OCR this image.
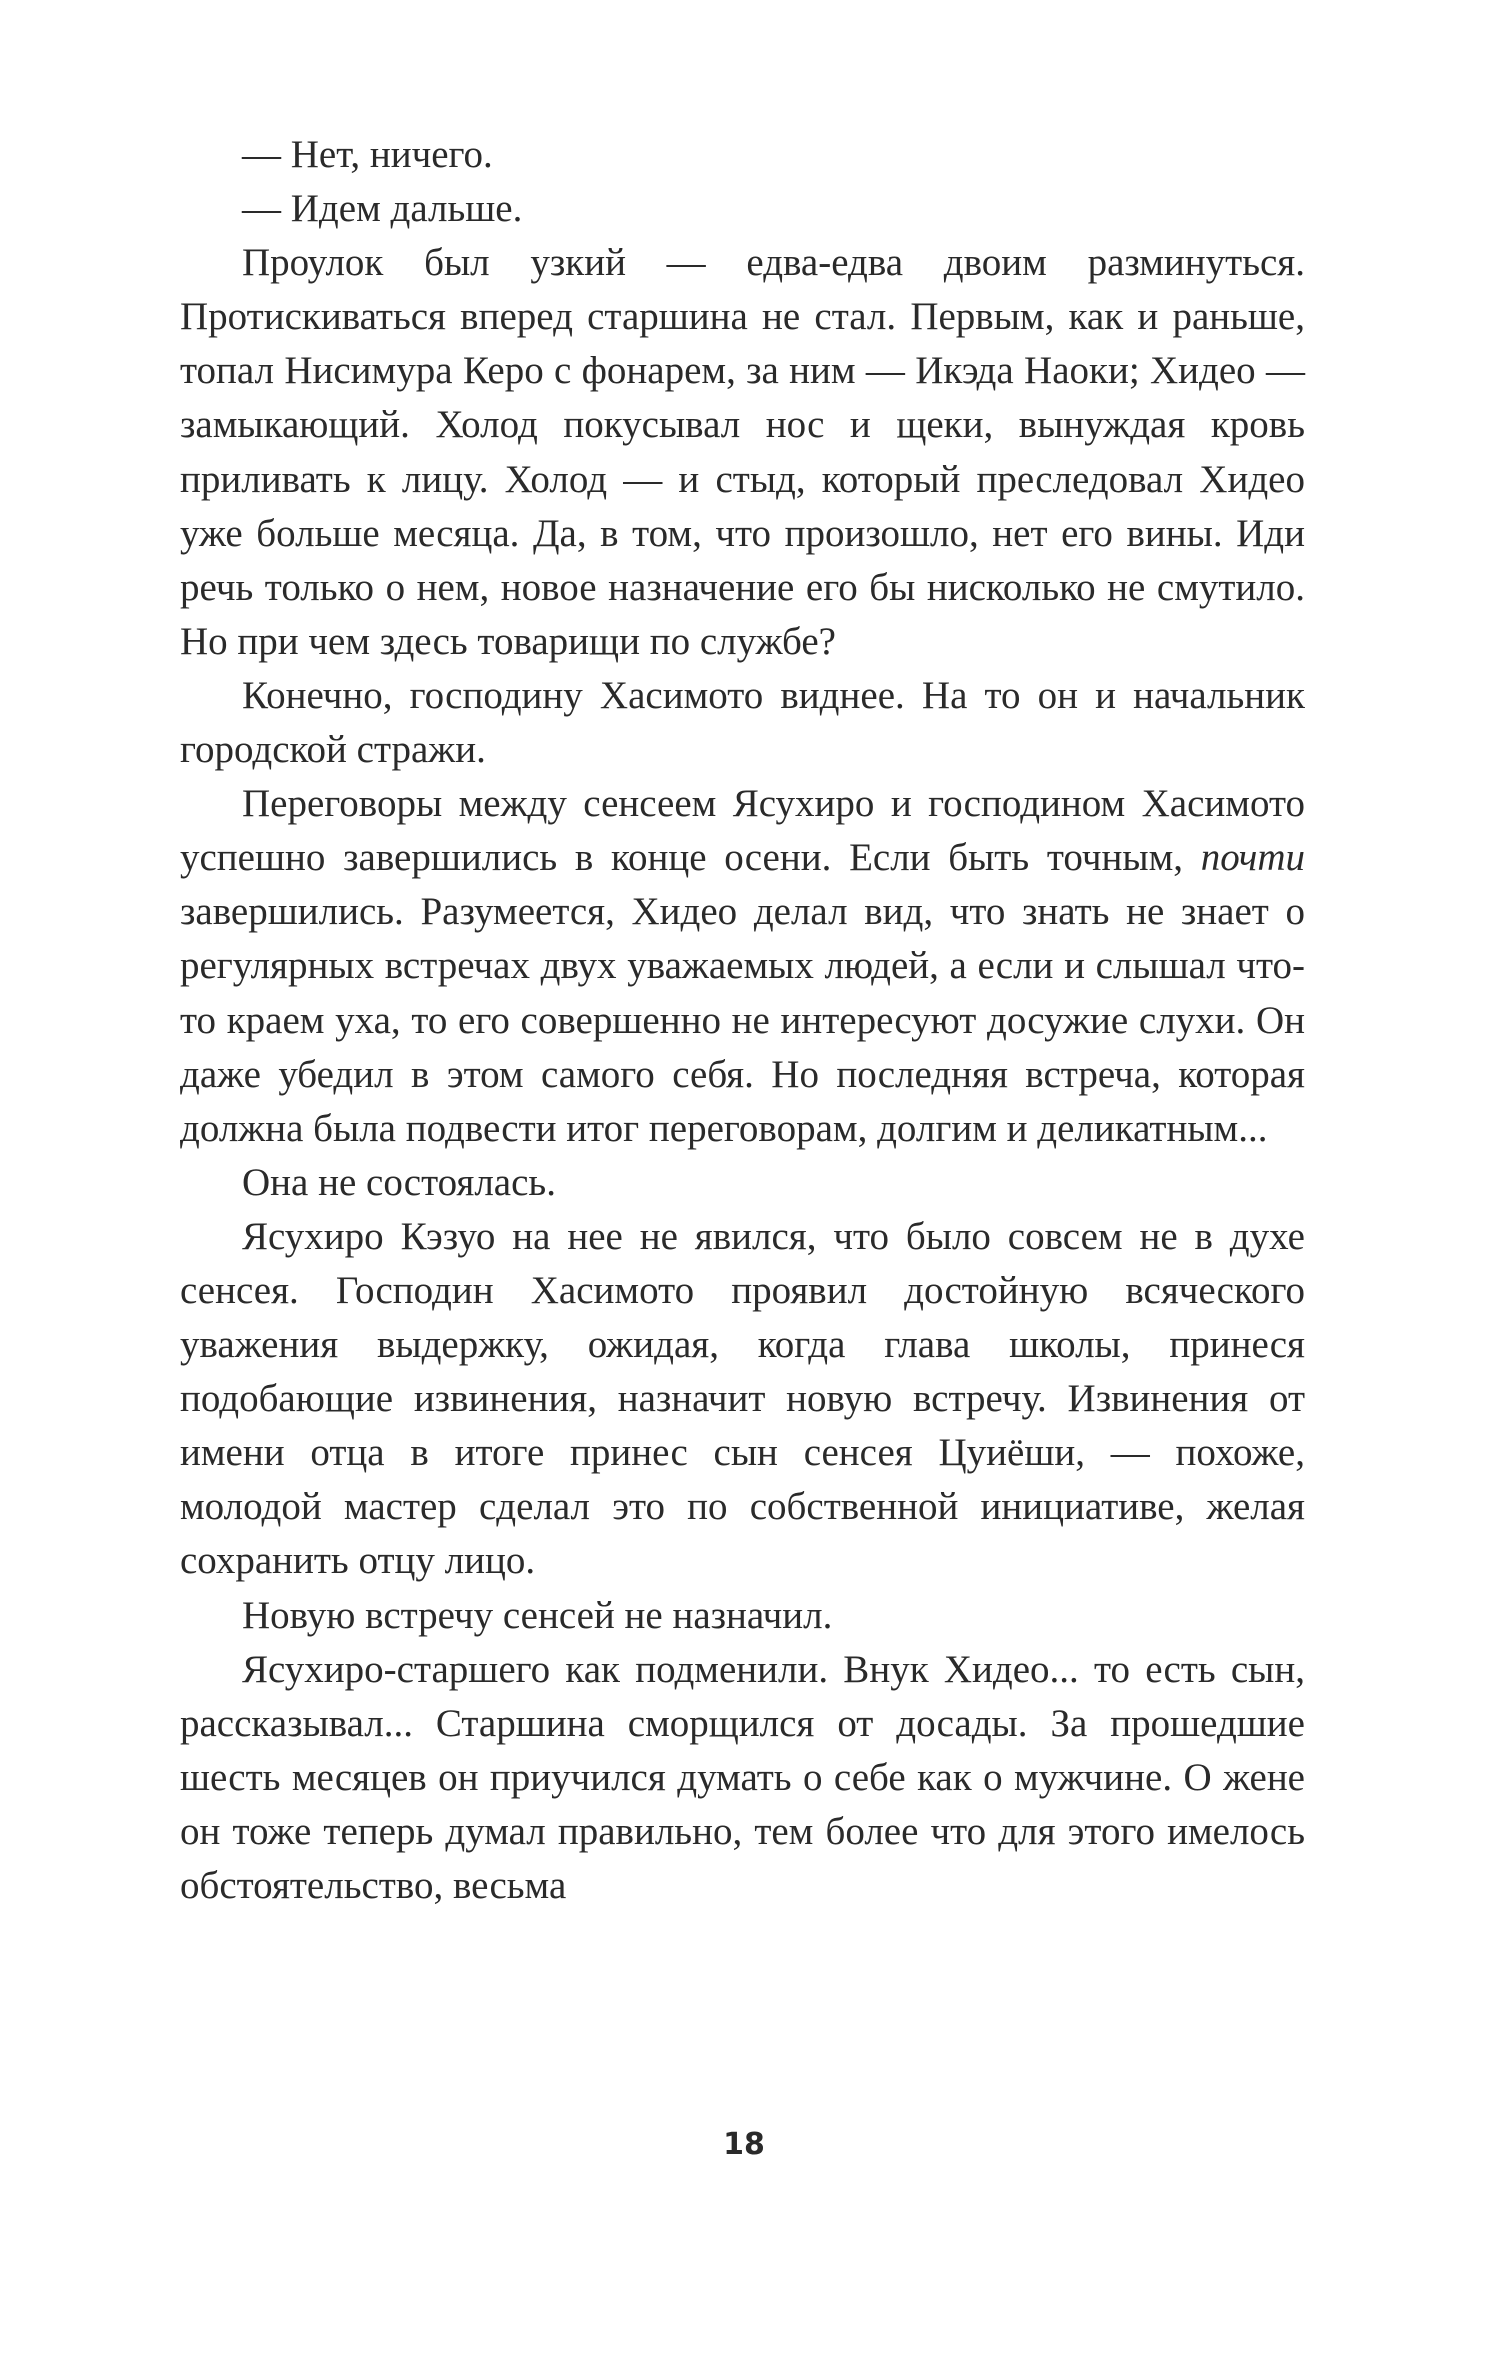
— Нет, ничего.

— Идем дальше.

Проулок был узкий — едва-едва двоим разминуться. Протискиваться вперед старшина не стал. Первым, как и раньше, топал Нисимура Керо с фонарем, за ним — Икэда Наоки; Хидео — замыкающий. Холод покусывал нос и щеки, вынуждая кровь приливать к лицу. Холод — и стыд, который преследовал Хидео уже больше месяца. Да, в том, что произошло, нет его вины. Иди речь только о нем, новое назначение его бы нисколько не смутило. Но при чем здесь товарищи по службе?

Конечно, господину Хасимото виднее. На то он и начальник городской стражи.

Переговоры между сенсеем Ясухиро и господином Хасимото успешно завершились в конце осени. Если быть точным, почти завершились. Разумеется, Хидео делал вид, что знать не знает о регулярных встречах двух уважаемых людей, а если и слышал что-то краем уха, то его совершенно не интересуют досужие слухи. Он даже убедил в этом самого себя. Но последняя встреча, которая должна была подвести итог переговорам, долгим и деликатным...

Она не состоялась.

Ясухиро Кэзуо на нее не явился, что было совсем не в духе сенсея. Господин Хасимото проявил достойную всяческого уважения выдержку, ожидая, когда глава школы, принеся подобающие извинения, назначит новую встречу. Извинения от имени отца в итоге принес сын сенсея Цуиёши, — похоже, молодой мастер сделал это по собственной инициативе, желая сохранить отцу лицо.

Новую встречу сенсей не назначил.

Ясухиро-старшего как подменили. Внук Хидео... то есть сын, рассказывал... Старшина сморщился от досады. За прошедшие шесть месяцев он приучился думать о себе как о мужчине. О жене он тоже теперь думал правильно, тем более что для этого имелось обстоятельство, весьма

18
